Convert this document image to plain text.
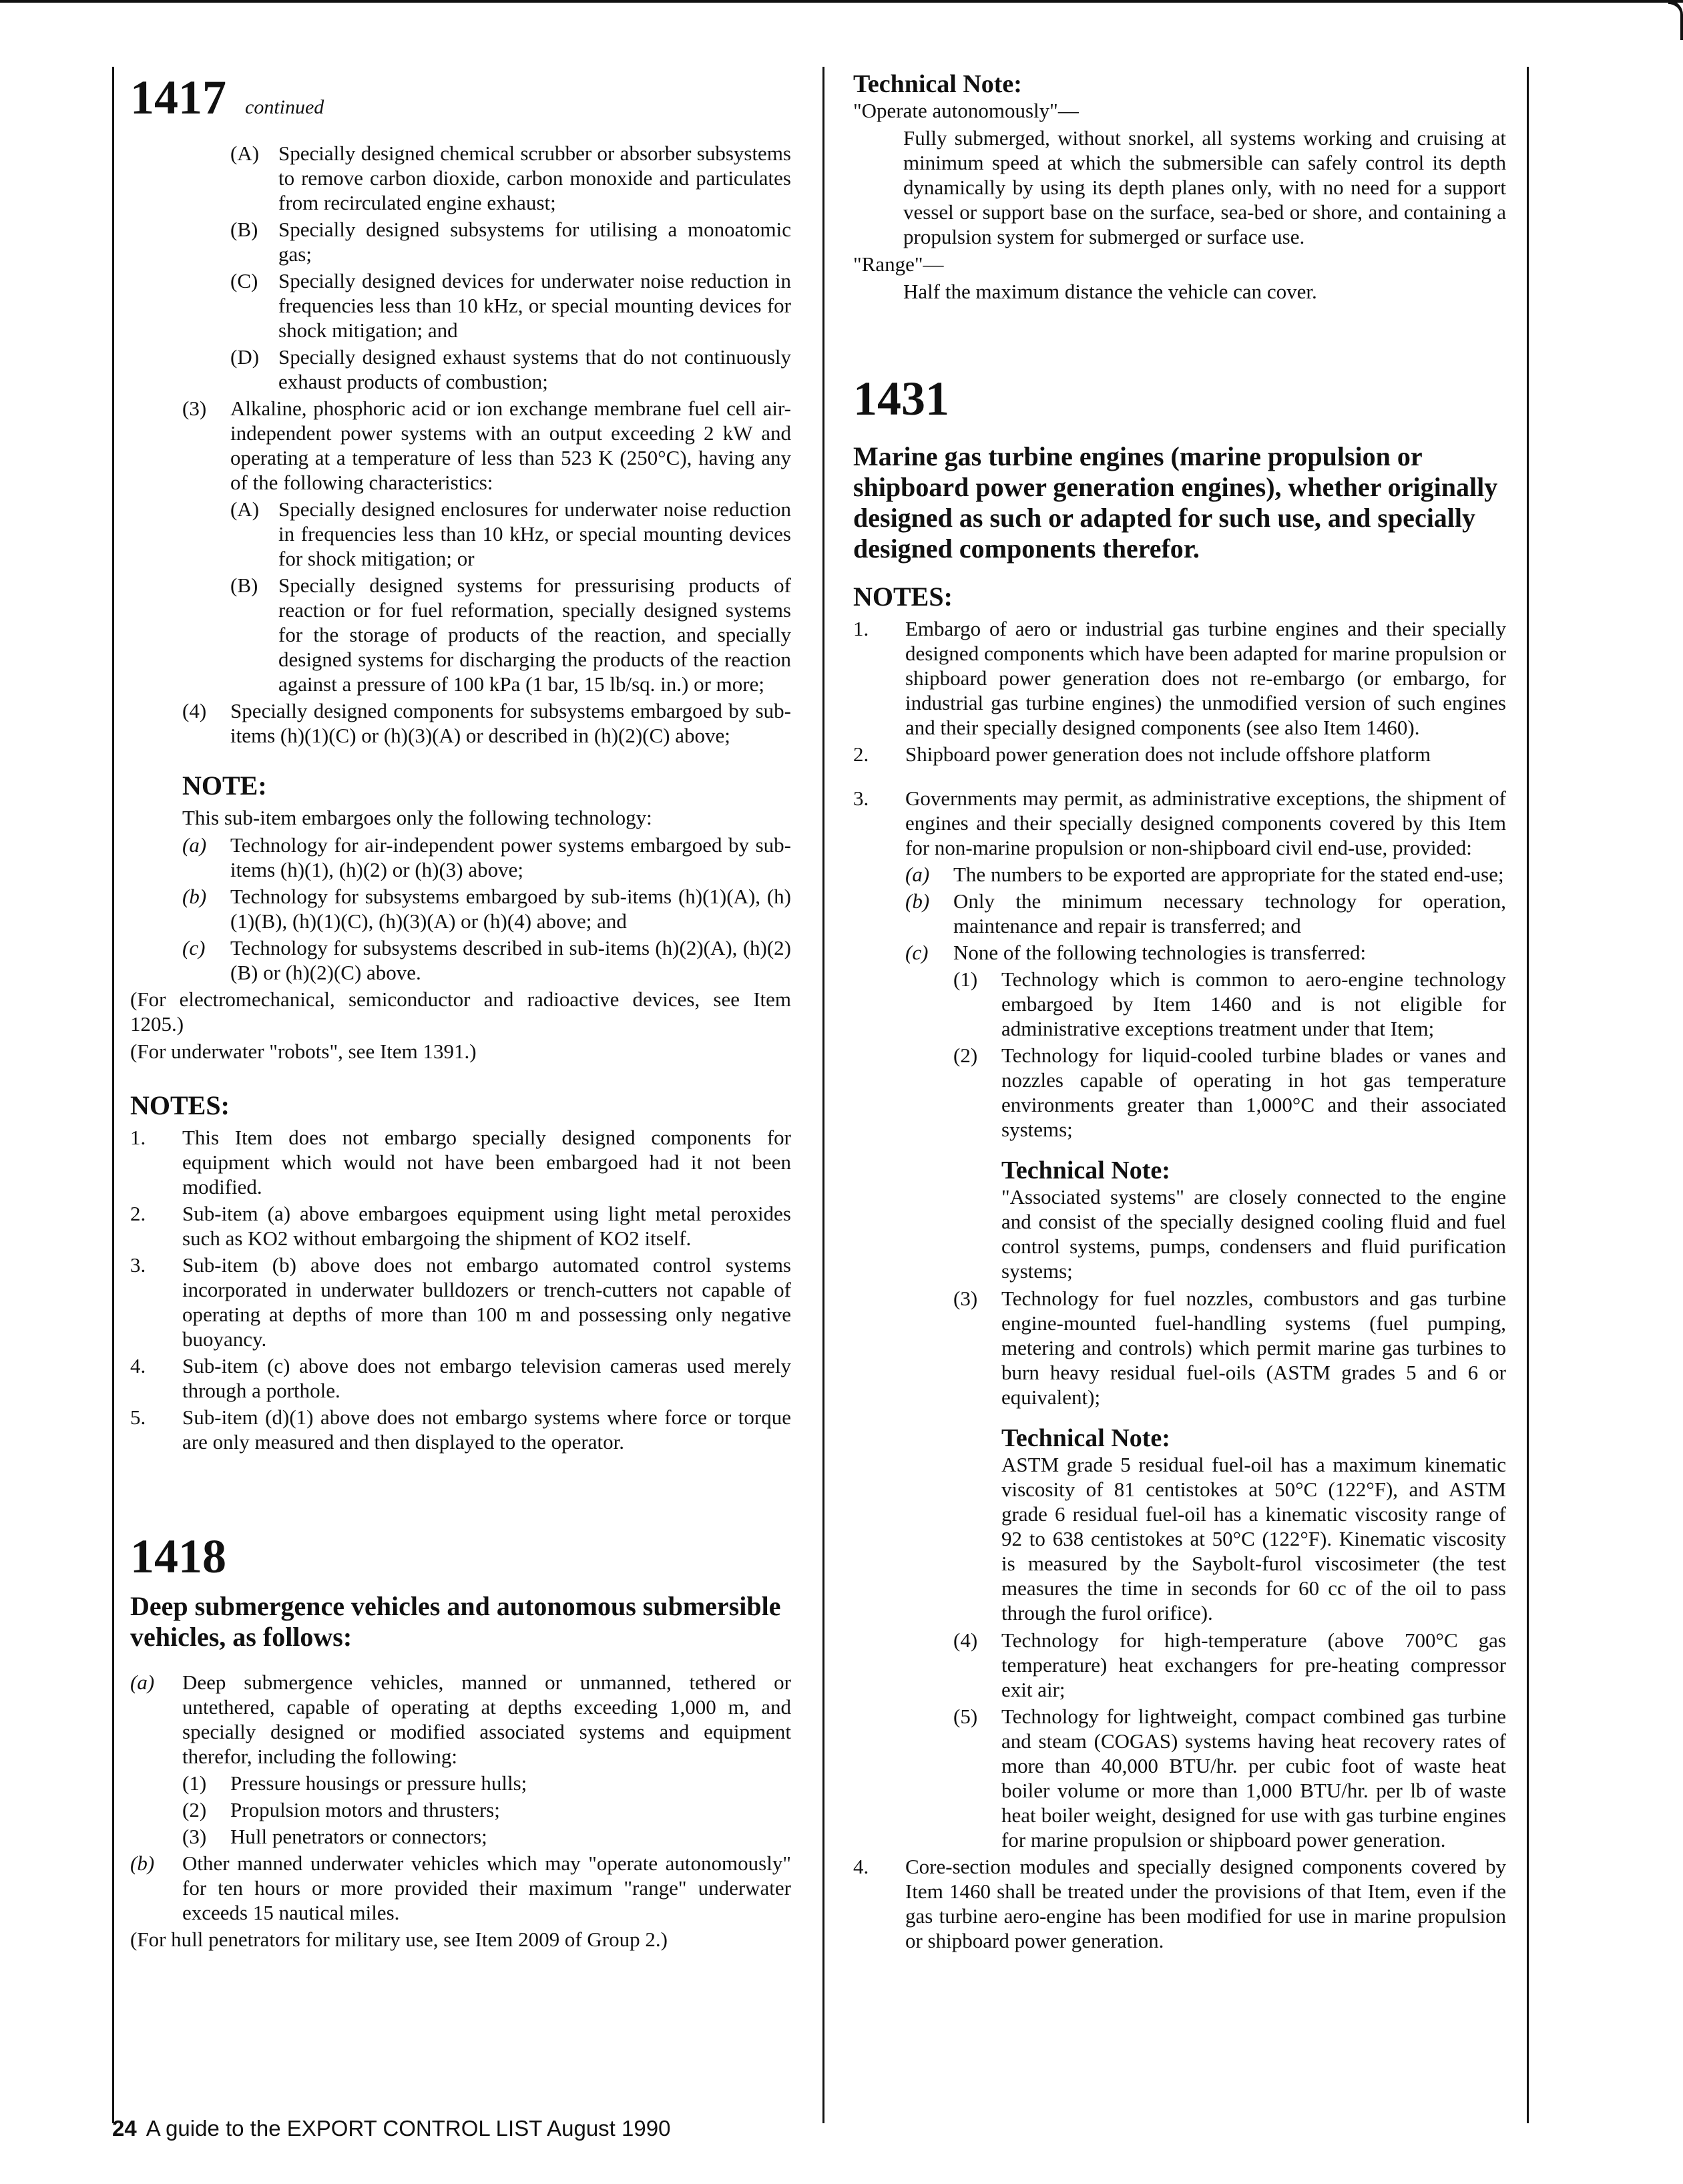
1417 continued
(A) Specially designed chemical scrubber or absorber subsystems to remove carbon dioxide, carbon monoxide and particulates from recirculated engine exhaust;
(B) Specially designed subsystems for utilising a monoatomic gas;
(C) Specially designed devices for underwater noise reduction in frequencies less than 10 kHz, or special mounting devices for shock mitigation; and
(D) Specially designed exhaust systems that do not continuously exhaust products of combustion;
(3)	Alkaline, phosphoric acid or ion exchange membrane fuel cell air-independent power systems with an output exceeding 2 kW and operating at a temperature of less than 523 K (250°C), having any of the following characteristics:
(A) Specially designed enclosures for underwater noise reduction in frequencies less than 10 kHz, or special mounting devices for shock mitigation; or
(B) Specially designed systems for pressurising products of reaction or for fuel reformation, specially designed systems for the storage of products of the reaction, and specially designed systems for discharging the products of the reaction against a pressure of 100 kPa (1 bar, 15 lb/sq. in.) or more;
(4)	Specially designed components for subsystems embargoed by sub-items (h)(1)(C) or (h)(3)(A) or described in (h)(2)(C) above;
NOTE:
This sub-item embargoes only the following technology:
(a)	Technology for air-independent power systems embargoed by sub-items (h)(1), (h)(2) or (h)(3) above;
(b)	Technology for subsystems embargoed by sub-items (h)(1)(A), (h)(1)(B), (h)(1)(C), (h)(3)(A) or (h)(4) above; and
(c)	Technology for subsystems described in sub-items (h)(2)(A), (h)(2)(B) or (h)(2)(C) above.
(For electromechanical, semiconductor and radioactive devices, see Item 1205.)
(For underwater "robots", see Item 1391.)
NOTES:
1.	This Item does not embargo specially designed components for equipment which would not have been embargoed had it not been modified.
2.	Sub-item (a) above embargoes equipment using light metal peroxides such as KO2 without embargoing the shipment of KO2 itself.
3.	Sub-item (b) above does not embargo automated control systems incorporated in underwater bulldozers or trench-cutters not capable of operating at depths of more than 100 m and possessing only negative buoyancy.
4.	Sub-item (c) above does not embargo television cameras used merely through a porthole.
5.	Sub-item (d)(1) above does not embargo systems where force or torque are only measured and then displayed to the operator.
1418
Deep submergence vehicles and autonomous submersible vehicles, as follows:
(a)	Deep submergence vehicles, manned or unmanned, tethered or untethered, capable of operating at depths exceeding 1,000 m, and specially designed or modified associated systems and equipment therefor, including the following:
(1)	Pressure housings or pressure hulls;
(2)	Propulsion motors and thrusters;
(3)	Hull penetrators or connectors;
(b)	Other manned underwater vehicles which may "operate autonomously" for ten hours or more provided their maximum "range" underwater exceeds 15 nautical miles.
(For hull penetrators for military use, see Item 2009 of Group 2.)
Technical Note:
"Operate autonomously"—
Fully submerged, without snorkel, all systems working and cruising at minimum speed at which the submersible can safely control its depth dynamically by using its depth planes only, with no need for a support vessel or support base on the surface, sea-bed or shore, and containing a propulsion system for submerged or surface use.
"Range"—
Half the maximum distance the vehicle can cover.
1431
Marine gas turbine engines (marine propulsion or shipboard power generation engines), whether originally designed as such or adapted for such use, and specially designed components therefor.
NOTES:
1.	Embargo of aero or industrial gas turbine engines and their specially designed components which have been adapted for marine propulsion or shipboard power generation does not re-embargo (or embargo, for industrial gas turbine engines) the unmodified version of such engines and their specially designed components (see also Item 1460).
2.	Shipboard power generation does not include offshore platform
3.	Governments may permit, as administrative exceptions, the shipment of engines and their specially designed components covered by this Item for non-marine propulsion or non-shipboard civil end-use, provided:
(a)	The numbers to be exported are appropriate for the stated end-use;
(b)	Only the minimum necessary technology for operation, maintenance and repair is transferred; and
(c)	None of the following technologies is transferred:
(1)	Technology which is common to aero-engine technology embargoed by Item 1460 and is not eligible for administrative exceptions treatment under that Item;
(2)	Technology for liquid-cooled turbine blades or vanes and nozzles capable of operating in hot gas temperature environments greater than 1,000°C and their associated systems;
Technical Note:
"Associated systems" are closely connected to the engine and consist of the specially designed cooling fluid and fuel control systems, pumps, condensers and fluid purification systems;
(3)	Technology for fuel nozzles, combustors and gas turbine engine-mounted fuel-handling systems (fuel pumping, metering and controls) which permit marine gas turbines to burn heavy residual fuel-oils (ASTM grades 5 and 6 or equivalent);
Technical Note:
ASTM grade 5 residual fuel-oil has a maximum kinematic viscosity of 81 centistokes at 50°C (122°F), and ASTM grade 6 residual fuel-oil has a kinematic viscosity range of 92 to 638 centistokes at 50°C (122°F). Kinematic viscosity is measured by the Saybolt-furol viscosimeter (the test measures the time in seconds for 60 cc of the oil to pass through the furol orifice).
(4)	Technology for high-temperature (above 700°C gas temperature) heat exchangers for pre-heating compressor exit air;
(5)	Technology for lightweight, compact combined gas turbine and steam (COGAS) systems having heat recovery rates of more than 40,000 BTU/hr. per cubic foot of waste heat boiler volume or more than 1,000 BTU/hr. per lb of waste heat boiler weight, designed for use with gas turbine engines for marine propulsion or shipboard power generation.
4.	Core-section modules and specially designed components covered by Item 1460 shall be treated under the provisions of that Item, even if the gas turbine aero-engine has been modified for use in marine propulsion or shipboard power generation.
24 A guide to the EXPORT CONTROL LIST August 1990
